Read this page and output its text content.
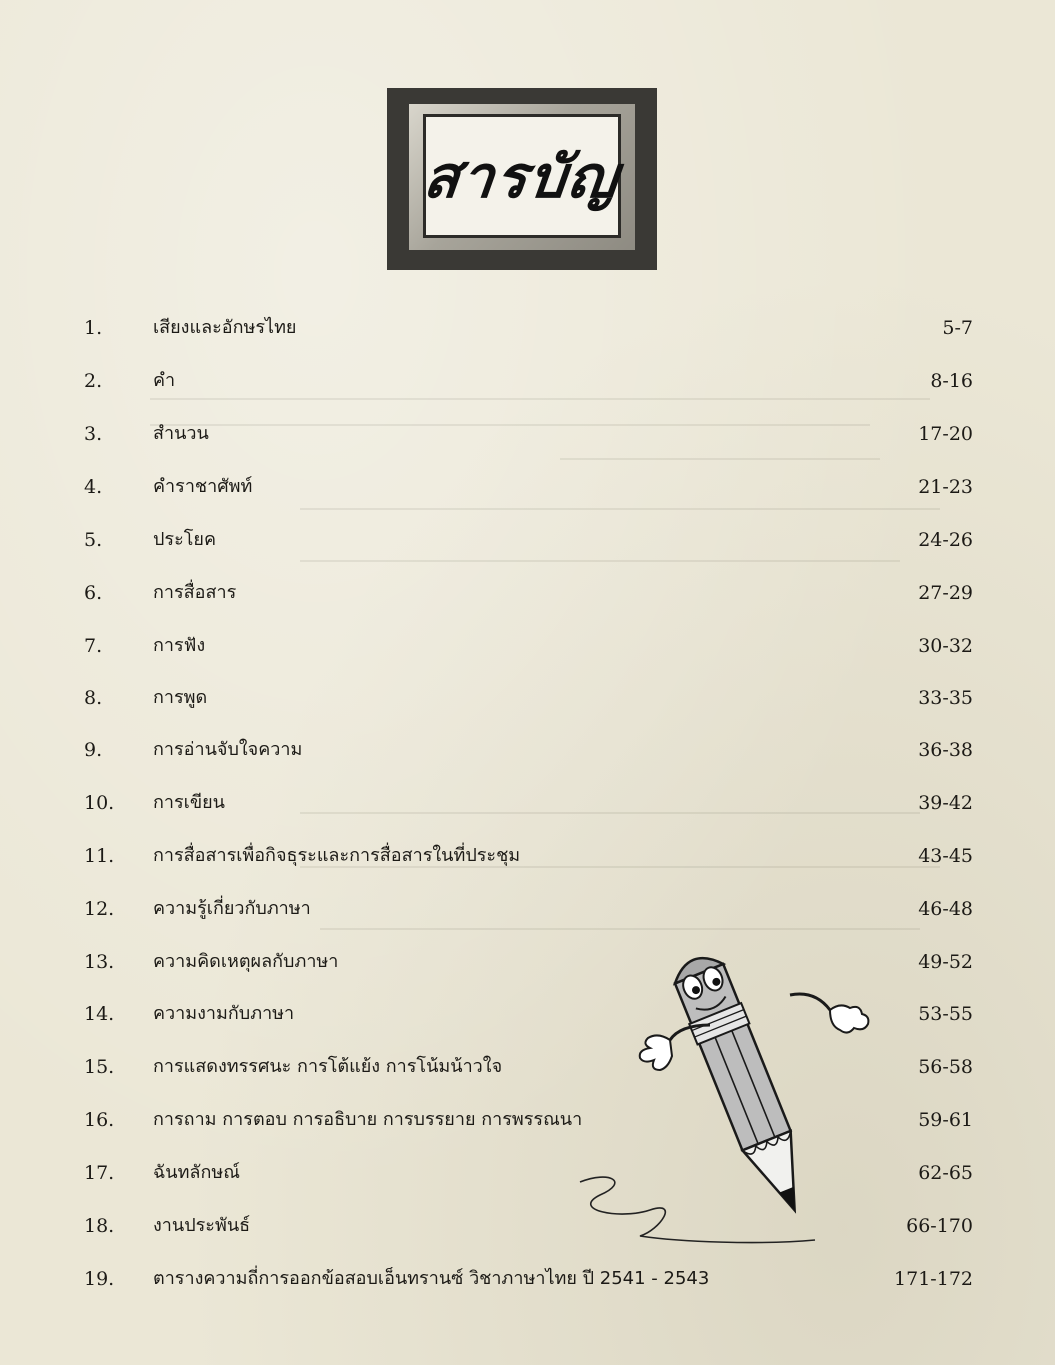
สารบัญ
1.	เสียงและอักษรไทย	5-7
2.	คำ	8-16
3.	สำนวน	17-20
4.	คำราชาศัพท์	21-23
5.	ประโยค	24-26
6.	การสื่อสาร	27-29
7.	การฟัง	30-32
8.	การพูด	33-35
9.	การอ่านจับใจความ	36-38
10. การเขียน	39-42
11. การสื่อสารเพื่อกิจธุระและการสื่อสารในที่ประชุม	43-45
12. ความรู้เกี่ยวกับภาษา	46-48
13. ความคิดเหตุผลกับภาษา	49-52
14. ความงามกับภาษา	53-55
15. การแสดงทรรศนะ การโต้แย้ง การโน้มน้าวใจ	56-58
16. การถาม การตอบ การอธิบาย การบรรยาย การพรรณนา	59-61
17. ฉันทลักษณ์	62-65
18. งานประพันธ์	66-170
19. ตารางความถี่การออกข้อสอบเอ็นทรานซ์ วิชาภาษาไทย ปี 2541 - 2543	171-172
